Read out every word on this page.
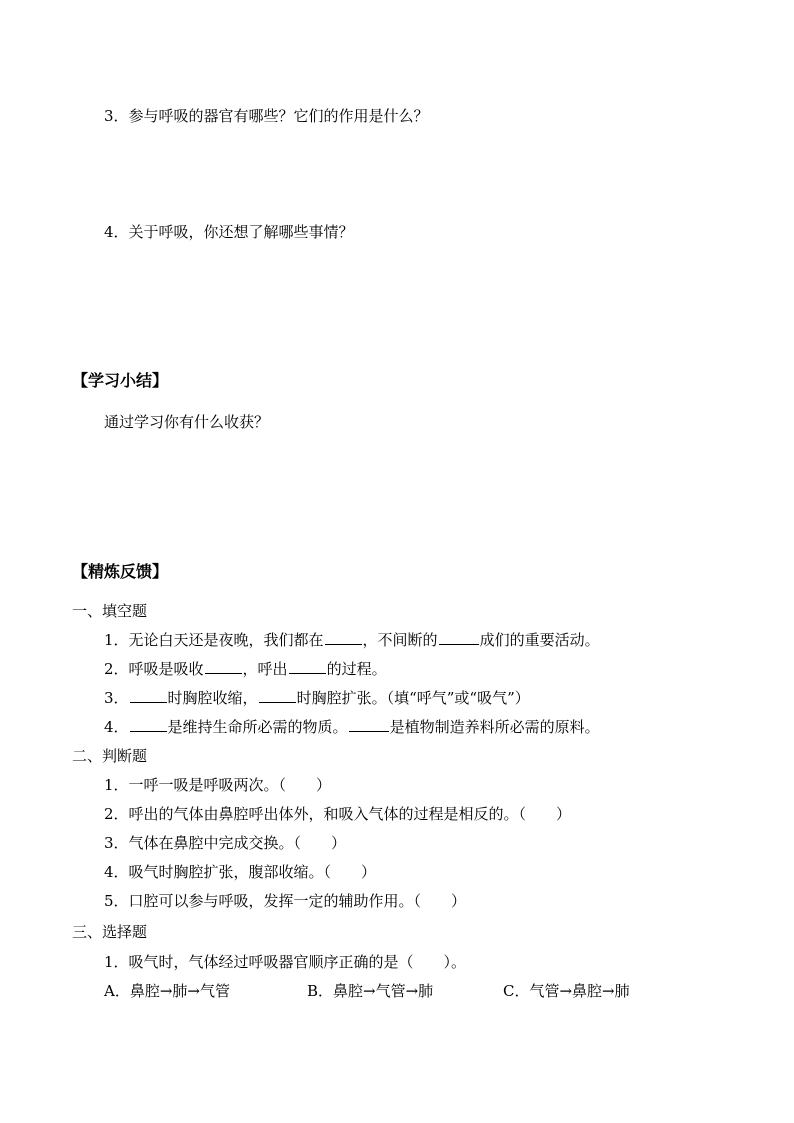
3．参与呼吸的器官有哪些？它们的作用是什么？
4．关于呼吸，你还想了解哪些事情？
【学习小结】
通过学习你有什么收获？
【精炼反馈】
一、填空题
1．无论白天还是夜晚，我们都在	，不间断的	成们的重要活动。
2．呼吸是吸收	，呼出	的过程。
3．	时胸腔收缩，	时胸腔扩张。（填“呼气”或“吸气”）
4．	是维持生命所必需的物质。	是植物制造养料所必需的原料。
二、判断题
1．一呼一吸是呼吸两次。（ ）
2．呼出的气体由鼻腔呼出体外，和吸入气体的过程是相反的。（ ）
3．气体在鼻腔中完成交换。（ ）
4．吸气时胸腔扩张，腹部收缩。（ ）
5．口腔可以参与呼吸，发挥一定的辅助作用。（ ）
三、选择题
1．吸气时，气体经过呼吸器官顺序正确的是（ ）。
A．鼻腔→肺→气管	B．鼻腔→气管→肺	C．气管→鼻腔→肺
